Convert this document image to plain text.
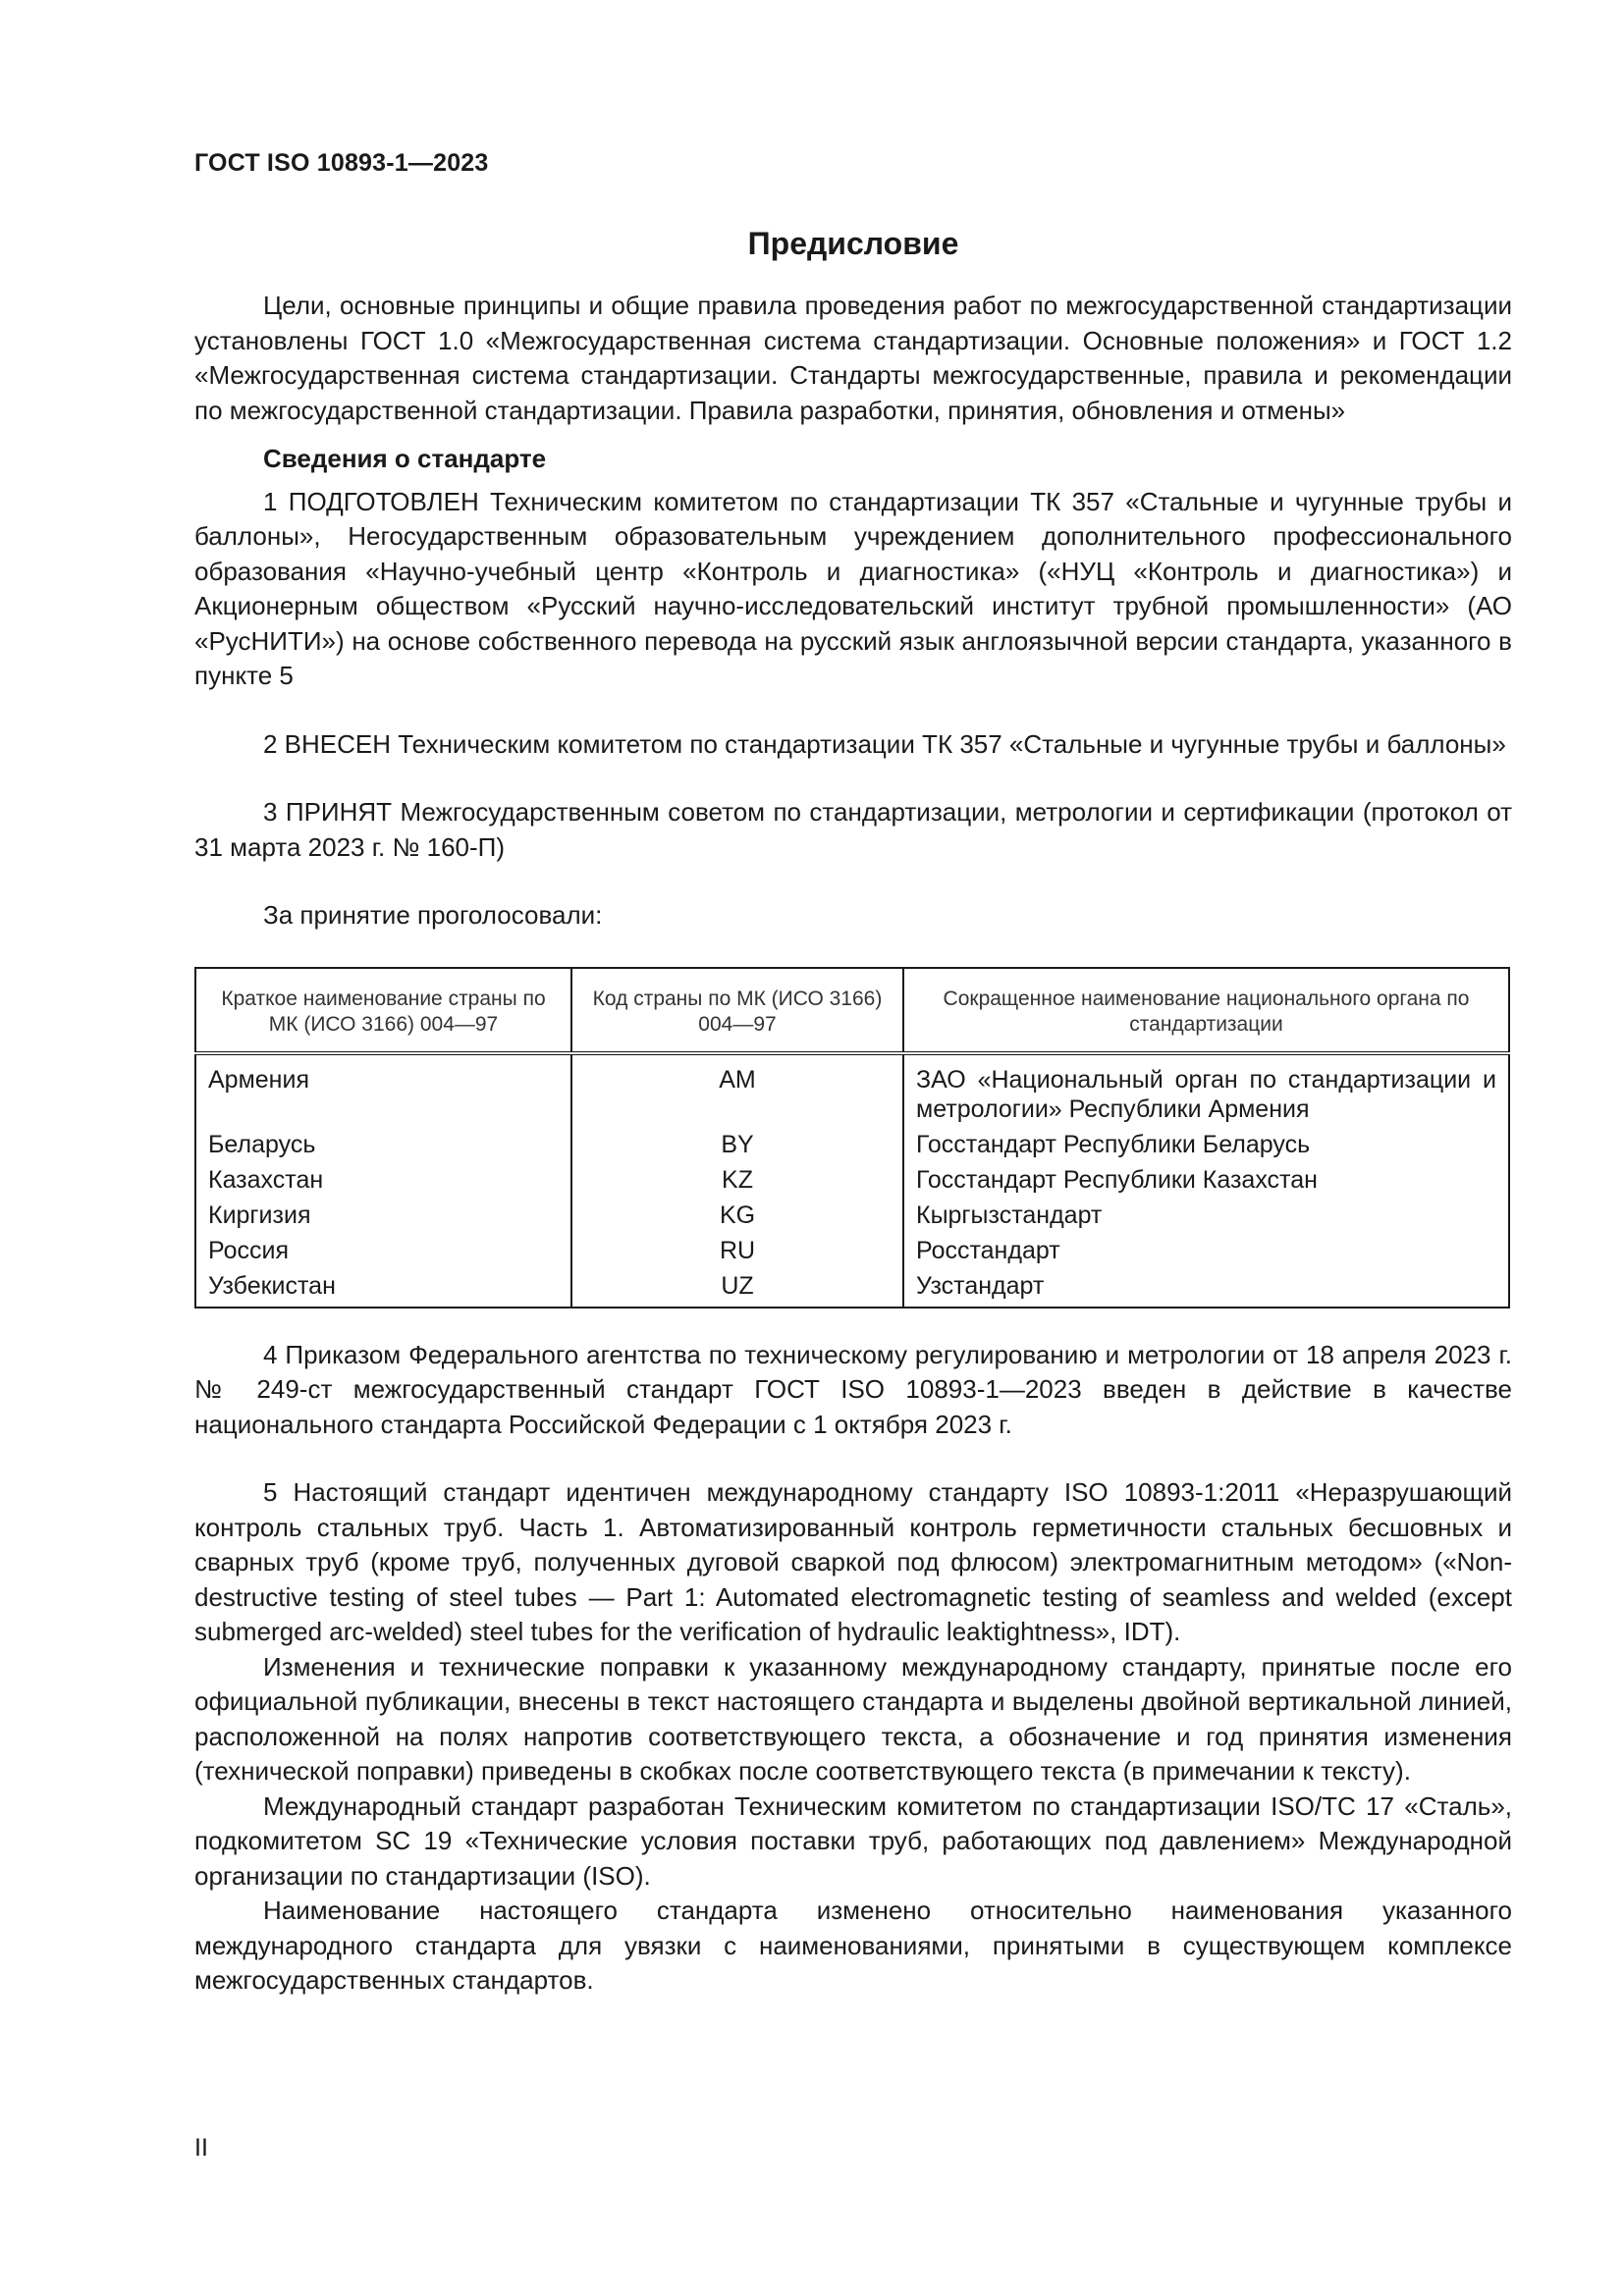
ГОСТ ISO 10893-1—2023
Предисловие

Цели, основные принципы и общие правила проведения работ по межгосударственной стандартизации установлены ГОСТ 1.0 «Межгосударственная система стандартизации. Основные положения» и ГОСТ 1.2 «Межгосударственная система стандартизации. Стандарты межгосударственные, правила и рекомендации по межгосударственной стандартизации. Правила разработки, принятия, обновления и отмены»

Сведения о стандарте

1 ПОДГОТОВЛЕН Техническим комитетом по стандартизации ТК 357 «Стальные и чугунные трубы и баллоны», Негосударственным образовательным учреждением дополнительного профессионального образования «Научно-учебный центр «Контроль и диагностика» («НУЦ «Контроль и диагностика») и Акционерным обществом «Русский научно-исследовательский институт трубной промышленности» (АО «РусНИТИ») на основе собственного перевода на русский язык англоязычной версии стандарта, указанного в пункте 5

2 ВНЕСЕН Техническим комитетом по стандартизации ТК 357 «Стальные и чугунные трубы и баллоны»

3 ПРИНЯТ Межгосударственным советом по стандартизации, метрологии и сертификации (протокол от 31 марта 2023 г. № 160-П)

За принятие проголосовали:

Краткое наименование страны по МК (ИСО 3166) 004—97	Код страны по МК (ИСО 3166) 004—97	Сокращенное наименование национального органа по стандартизации
Армения	AM	ЗАО «Национальный орган по стандартизации и метрологии» Республики Армения
Беларусь	BY	Госстандарт Республики Беларусь
Казахстан	KZ	Госстандарт Республики Казахстан
Киргизия	KG	Кыргызстандарт
Россия	RU	Росстандарт
Узбекистан	UZ	Узстандарт

4 Приказом Федерального агентства по техническому регулированию и метрологии от 18 апреля 2023 г. № 249-ст межгосударственный стандарт ГОСТ ISO 10893-1—2023 введен в действие в качестве национального стандарта Российской Федерации с 1 октября 2023 г.

5 Настоящий стандарт идентичен международному стандарту ISO 10893-1:2011 «Неразрушающий контроль стальных труб. Часть 1. Автоматизированный контроль герметичности стальных бесшовных и сварных труб (кроме труб, полученных дуговой сваркой под флюсом) электромагнитным методом» («Non-destructive testing of steel tubes — Part 1: Automated electromagnetic testing of seamless and welded (except submerged arc-welded) steel tubes for the verification of hydraulic leaktightness», IDT).

Изменения и технические поправки к указанному международному стандарту, принятые после его официальной публикации, внесены в текст настоящего стандарта и выделены двойной вертикальной линией, расположенной на полях напротив соответствующего текста, а обозначение и год принятия изменения (технической поправки) приведены в скобках после соответствующего текста (в примечании к тексту).

Международный стандарт разработан Техническим комитетом по стандартизации ISO/TC 17 «Сталь», подкомитетом SC 19 «Технические условия поставки труб, работающих под давлением» Международной организации по стандартизации (ISO).

Наименование настоящего стандарта изменено относительно наименования указанного международного стандарта для увязки с наименованиями, принятыми в существующем комплексе межгосударственных стандартов.

II
